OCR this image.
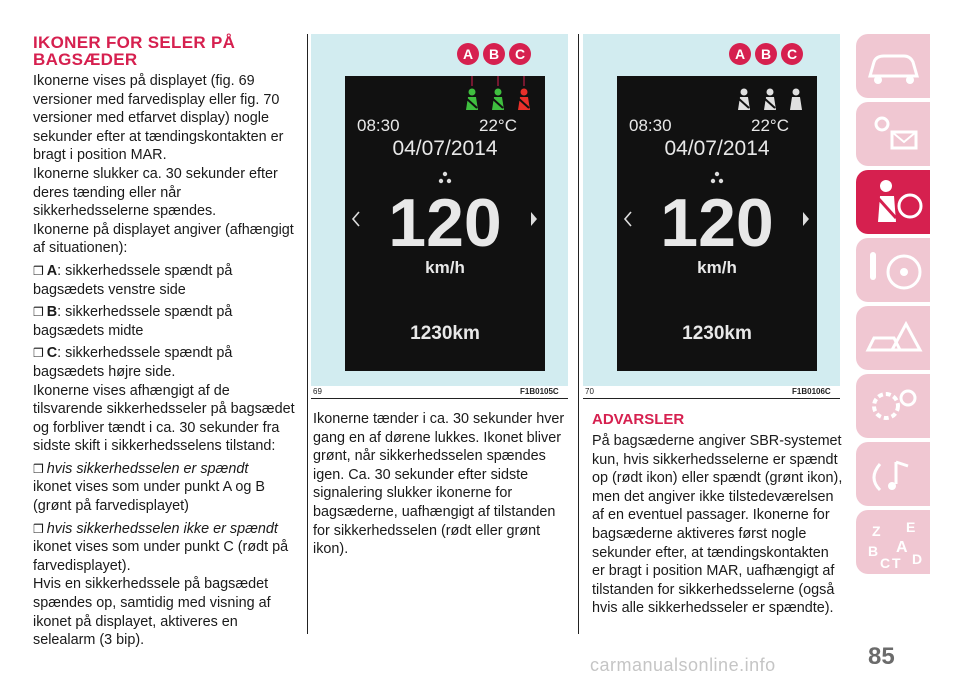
IKONER FOR SELER PÅ BAGSÆDER

Ikonerne vises på displayet (fig. 69 versioner med farvedisplay eller fig. 70 versioner med etfarvet display) nogle sekunder efter at tændingskontakten er bragt i position MAR.

Ikonerne slukker ca. 30 sekunder efter deres tænding eller når sikkerhedsselerne spændes.

Ikonerne på displayet angiver (afhængigt af situationen):

❒ A: sikkerhedssele spændt på bagsædets venstre side

❒ B: sikkerhedssele spændt på bagsædets midte

❒ C: sikkerhedssele spændt på bagsædets højre side.

Ikonerne vises afhængigt af de tilsvarende sikkerhedsseler på bagsædet og forbliver tændt i ca. 30 sekunder fra sidste skift i sikkerhedsselens tilstand:

❒ hvis sikkerhedsselen er spændt

ikonet vises som under punkt A og B (grønt på farvedisplayet)

❒ hvis sikkerhedsselen ikke er spændt

ikonet vises som under punkt C (rødt på farvedisplayet).

Hvis en sikkerhedssele på bagsædet spændes op, samtidig med visning af ikonet på displayet, aktiveres en selealarm (3 bip).

A	B	C
08:30	22°C
04/07/2014
120
km/h
1230km
69	F1B0105C
A	B	C
08:30	22°C
04/07/2014
120
km/h
1230km
70	F1B0106C
Ikonerne tænder i ca. 30 sekunder hver gang en af dørene lukkes. Ikonet bliver grønt, når sikkerhedsselen spændes igen. Ca. 30 sekunder efter sidste signalering slukker ikonerne for bagsæderne, uafhængigt af tilstanden for sikkerhedsselen (rødt eller grønt ikon).
ADVARSLER
På bagsæderne angiver SBR-systemet kun, hvis sikkerhedsselerne er spændt op (rødt ikon) eller spændt (grønt ikon), men det angiver ikke tilstedeværelsen af en eventuel passager. Ikonerne for bagsæderne aktiveres først nogle sekunder efter, at tændingskontakten er bragt i position MAR, uafhængigt af tilstanden for sikkerhedsselerne (også hvis alle sikkerhedsseler er spændte).
Z E
B A
C T D
85
carmanualsonline.info
